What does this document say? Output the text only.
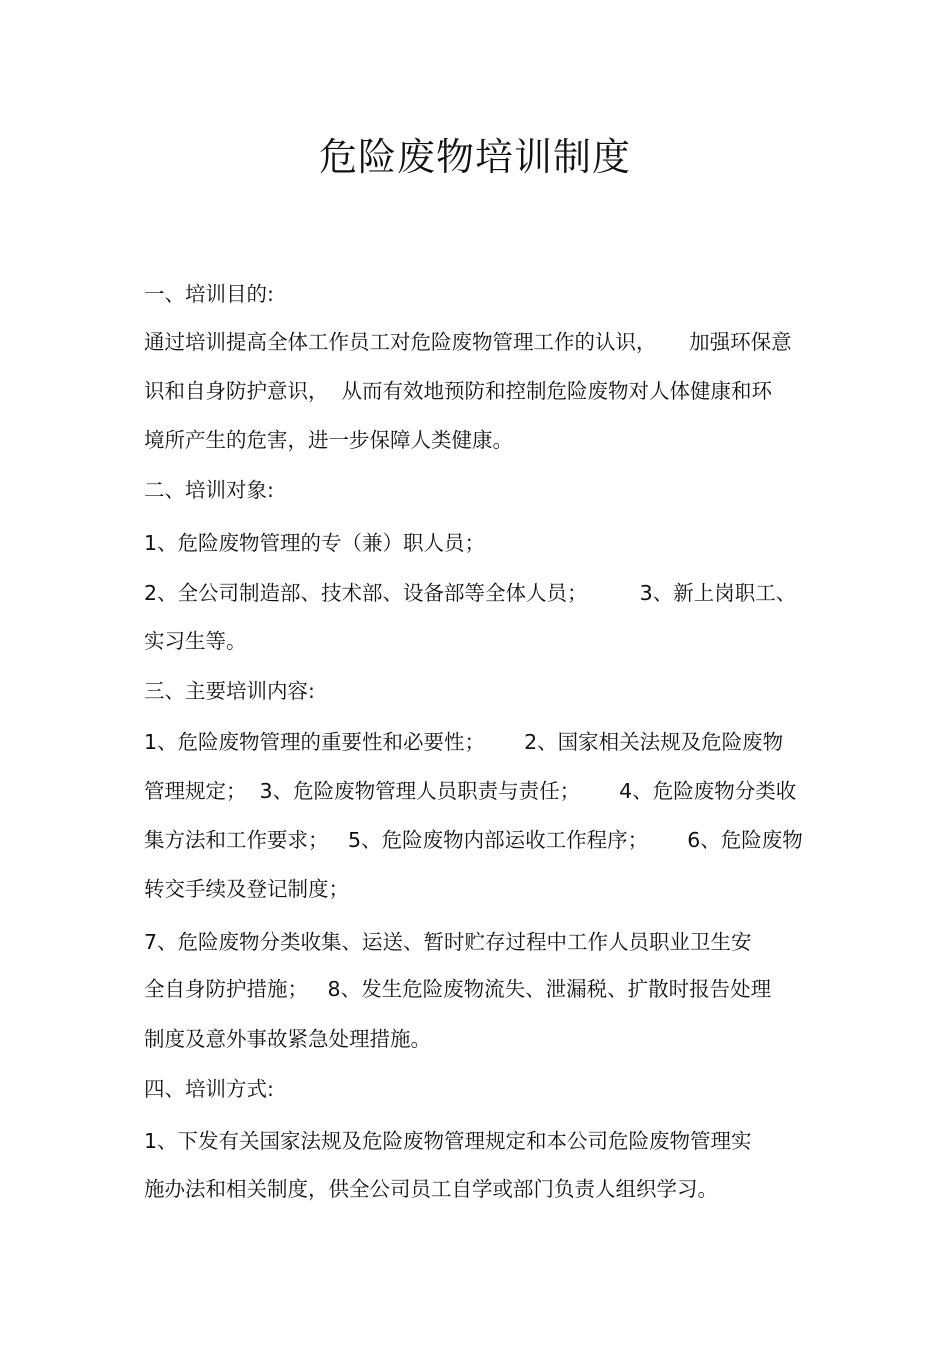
危险废物培训制度

一、培训目的:

通过培训提高全体工作员工对危险废物管理工作的认识，     加强环保意

识和自身防护意识，  从而有效地预防和控制危险废物对人体健康和环

境所产生的危害，进一步保障人类健康。

二、培训对象:

1、危险废物管理的专（兼）职人员；

2、全公司制造部、技术部、设备部等全体人员；        3、新上岗职工、

实习生等。

三、主要培训内容:

1、危险废物管理的重要性和必要性；      2、国家相关法规及危险废物

管理规定；  3、危险废物管理人员职责与责任；      4、危险废物分类收

集方法和工作要求；   5、危险废物内部运收工作程序；      6、危险废物

转交手续及登记制度；

7、危险废物分类收集、运送、暂时贮存过程中工作人员职业卫生安

全自身防护措施；   8、发生危险废物流失、泄漏税、扩散时报告处理

制度及意外事故紧急处理措施。

四、培训方式:

1、下发有关国家法规及危险废物管理规定和本公司危险废物管理实

施办法和相关制度，供全公司员工自学或部门负责人组织学习。
